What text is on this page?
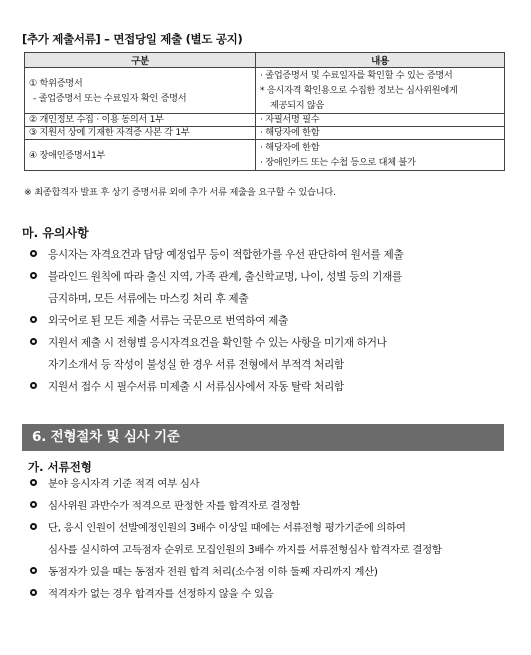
[추가 제출서류] – 면접당일 제출 (별도 공지)
구분	내용

① 학위증명서
- 졸업증명서 또는 수료일자 확인 증명서	· 졸업증명서 및 수료일자를 확인할 수 있는 증명서
* 응시자격 확인용으로 수집한 정보는 심사위원에게
제공되지 않음

② 개인정보 수집 · 이용 동의서 1부	· 자필서명 필수

③ 지원서 상에 기재한 자격증 사본 각 1부	· 해당자에 한함

④ 장애인증명서1부	· 해당자에 한함
· 장애인카드 또는 수첩 등으로 대체 불가
※ 최종합격자 발표 후 상기 증명서류 외에 추가 서류 제출을 요구할 수 있습니다.
마. 유의사항
응시자는 자격요건과 담당 예정업무 등이 적합한가를 우선 판단하여 원서를 제출
블라인드 원칙에 따라 출신 지역, 가족 관계, 출신학교명, 나이, 성별 등의 기재를
금지하며, 모든 서류에는 마스킹 처리 후 제출
외국어로 된 모든 제출 서류는 국문으로 번역하여 제출
지원서 제출 시 전형별 응시자격요건을 확인할 수 있는 사항을 미기재 하거나
자기소개서 등 작성이 불성실 한 경우 서류 전형에서 부적격 처리함
지원서 접수 시 필수서류 미제출 시 서류심사에서 자동 탈락 처리함
6. 전형절차 및 심사 기준
가. 서류전형
분야 응시자격 기준 적격 여부 심사
심사위원 과반수가 적격으로 판정한 자를 합격자로 결정함
단, 응시 인원이 선발예정인원의 3배수 이상일 때에는 서류전형 평가기준에 의하여
심사를 실시하여 고득점자 순위로 모집인원의 3배수 까지를 서류전형심사 합격자로 결정함
동점자가 있을 때는 동점자 전원 합격 처리(소수점 이하 둘째 자리까지 계산)
적격자가 없는 경우 합격자를 선정하지 않을 수 있음
